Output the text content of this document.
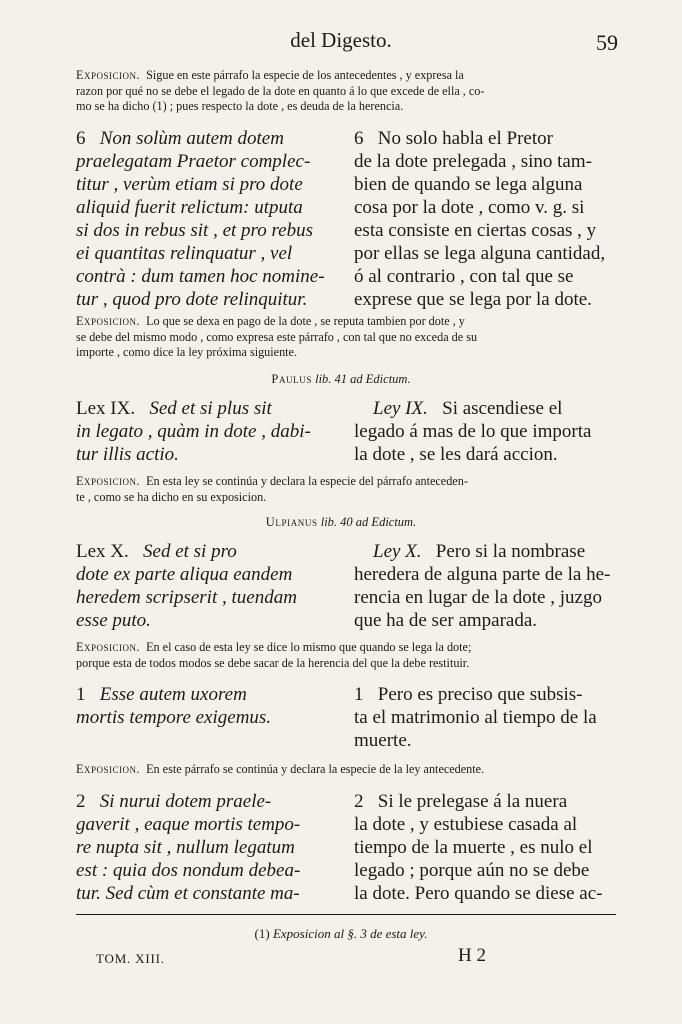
del Digesto.	59
Exposicion. Sigue en este párrafo la especie de los antecedentes , y expresa la
razon por qué no se debe el legado de la dote en quanto á lo que excede de ella , co-
mo se ha dicho (1) ; pues respecto la dote , es deuda de la herencia.
6 Non solùm autem dotem
praelegatam Praetor complec-
titur , verùm etiam si pro dote
aliquid fuerit relictum: utputa
si dos in rebus sit , et pro rebus
ei quantitas relinquatur , vel
contrà : dum tamen hoc nomine-
tur , quod pro dote relinquitur.
6 No solo habla el Pretor
de la dote prelegada , sino tam-
bien de quando se lega alguna
cosa por la dote , como v. g. si
esta consiste en ciertas cosas , y
por ellas se lega alguna cantidad,
ó al contrario , con tal que se
exprese que se lega por la dote.
Exposicion. Lo que se dexa en pago de la dote , se reputa tambien por dote , y
se debe del mismo modo , como expresa este párrafo , con tal que no exceda de su
importe , como dice la ley próxima siguiente.
Paulus lib. 41 ad Edictum.
Lex IX. Sed et si plus sit
in legato , quàm in dote , dabi-
tur illis actio.
Ley IX. Si ascendiese el
legado á mas de lo que importa
la dote , se les dará accion.
Exposicion. En esta ley se continúa y declara la especie del párrafo anteceden-
te , como se ha dicho en su exposicion.
Ulpianus lib. 40 ad Edictum.
Lex X. Sed et si pro
dote ex parte aliqua eandem
heredem scripserit , tuendam
esse puto.
Ley X. Pero si la nombrase
heredera de alguna parte de la he-
rencia en lugar de la dote , juzgo
que ha de ser amparada.
Exposicion. En el caso de esta ley se dice lo mismo que quando se lega la dote;
porque esta de todos modos se debe sacar de la herencia del que la debe restituir.
1 Esse autem uxorem
mortis tempore exigemus.
1 Pero es preciso que subsis-
ta el matrimonio al tiempo de la
muerte.
Exposicion. En este párrafo se continúa y declara la especie de la ley antecedente.
2 Si nurui dotem praele-
gaverit , eaque mortis tempo-
re nupta sit , nullum legatum
est : quia dos nondum debea-
tur. Sed cùm et constante ma-
2 Si le prelegase á la nuera
la dote , y estubiese casada al
tiempo de la muerte , es nulo el
legado ; porque aún no se debe
la dote. Pero quando se diese ac-
(1) Exposicion al §. 3 de esta ley.
TOM. XIII.	H 2
